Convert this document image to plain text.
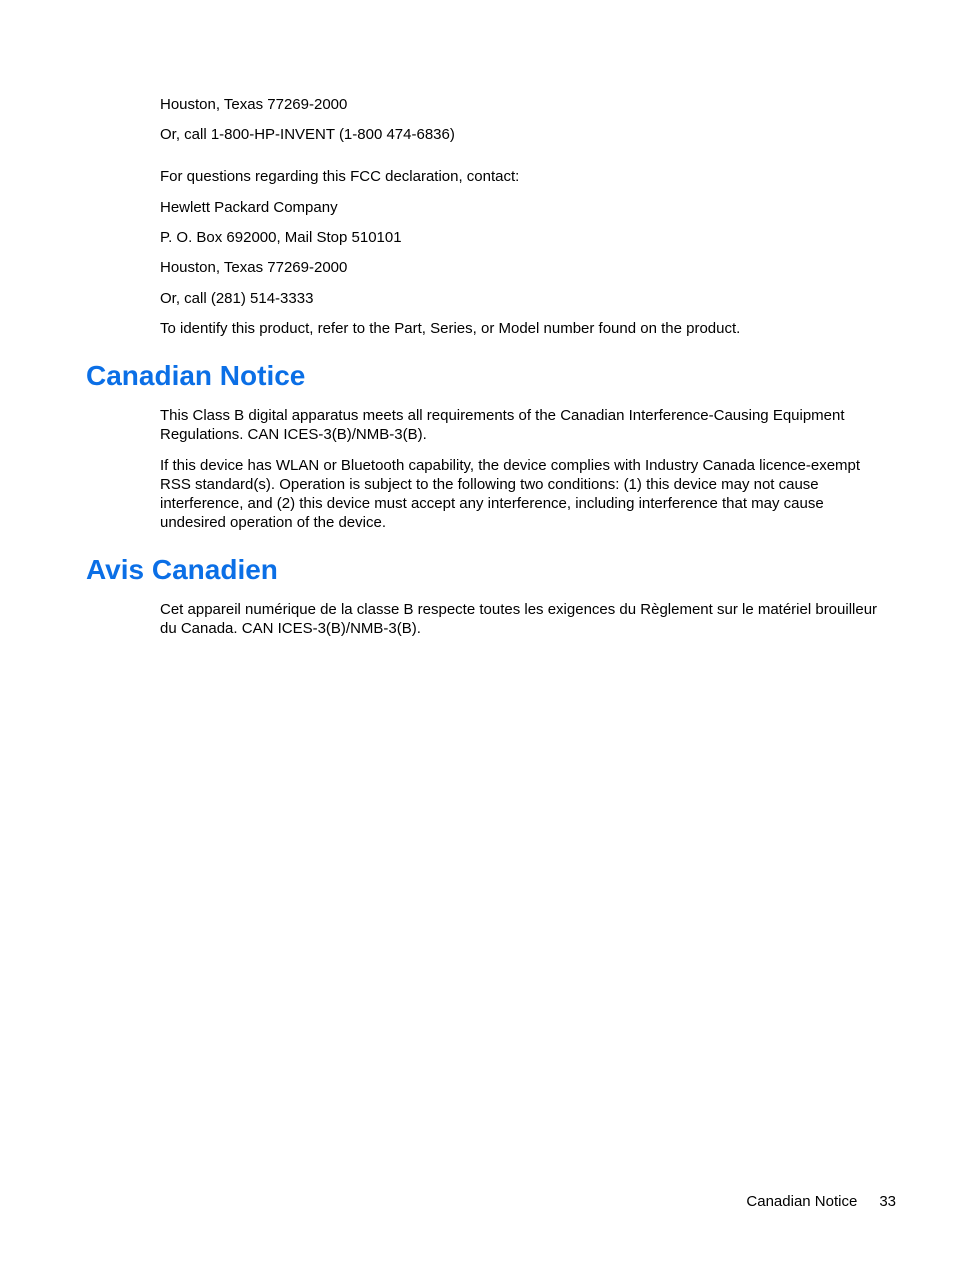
Houston, Texas 77269-2000

Or, call 1-800-HP-INVENT (1-800 474-6836)

For questions regarding this FCC declaration, contact:

Hewlett Packard Company

P. O. Box 692000, Mail Stop 510101

Houston, Texas 77269-2000

Or, call (281) 514-3333

To identify this product, refer to the Part, Series, or Model number found on the product.

Canadian Notice

This Class B digital apparatus meets all requirements of the Canadian Interference-Causing Equipment Regulations. CAN ICES-3(B)/NMB-3(B).

If this device has WLAN or Bluetooth capability, the device complies with Industry Canada licence-exempt RSS standard(s). Operation is subject to the following two conditions: (1) this device may not cause interference, and (2) this device must accept any interference, including interference that may cause undesired operation of the device.

Avis Canadien

Cet appareil numérique de la classe B respecte toutes les exigences du Règlement sur le matériel brouilleur du Canada. CAN ICES-3(B)/NMB-3(B).

Canadian Notice 33
